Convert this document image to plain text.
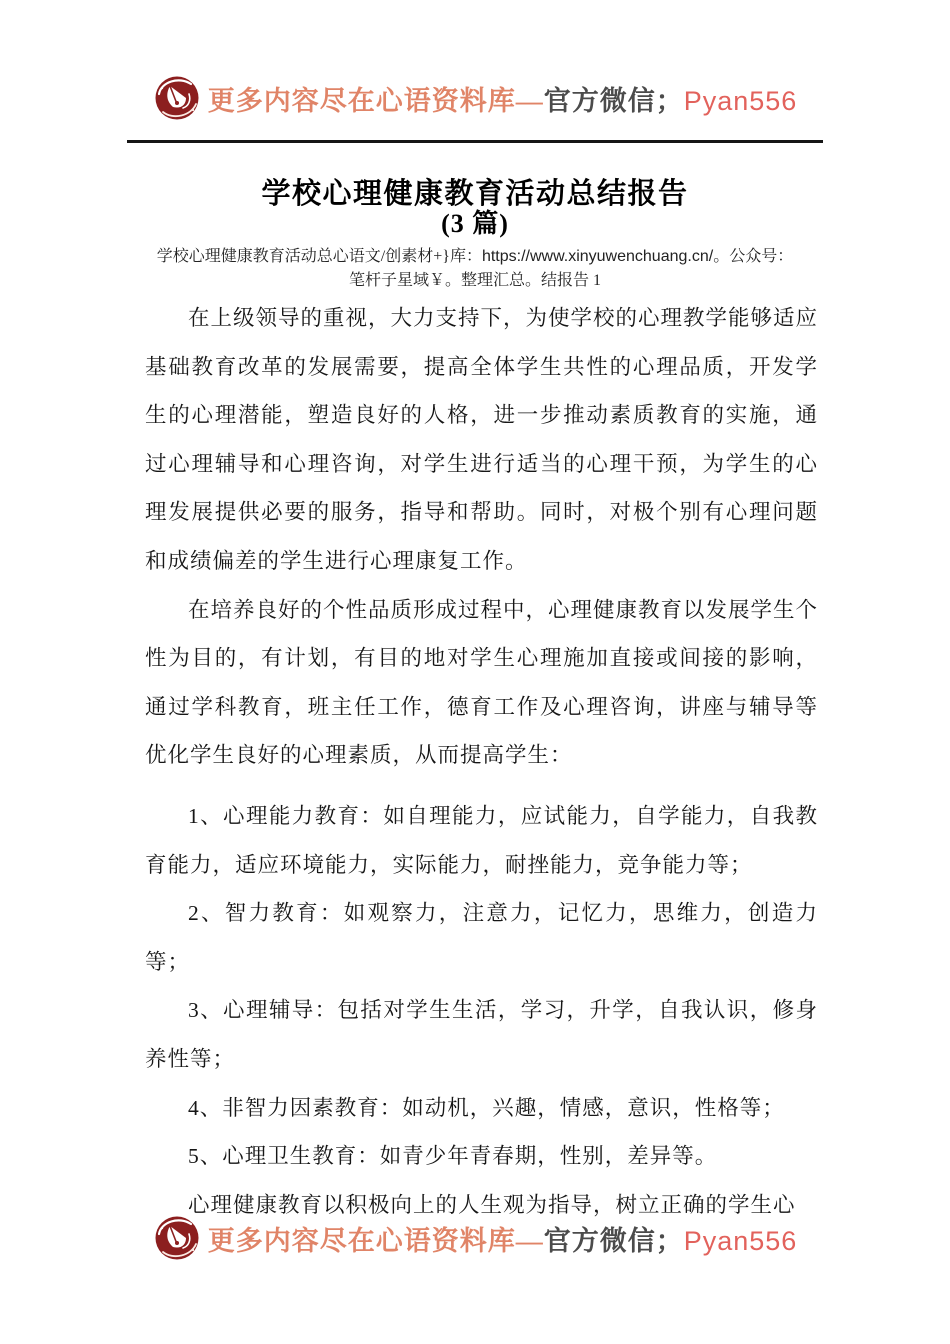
更多内容尽在心语资料库—官方微信；Pyan556
学校心理健康教育活动总结报告
(3 篇)
学校心理健康教育活动总心语文/创素材+}库：https://www.xinyuwenchuang.cn/。公众号：
笔杆子星域￥。整理汇总。结报告 1

在上级领导的重视，大力支持下，为使学校的心理教学能够适应基础教育改革的发展需要，提高全体学生共性的心理品质，开发学生的心理潜能，塑造良好的人格，进一步推动素质教育的实施，通过心理辅导和心理咨询，对学生进行适当的心理干预，为学生的心理发展提供必要的服务，指导和帮助。同时，对极个别有心理问题和成绩偏差的学生进行心理康复工作。

在培养良好的个性品质形成过程中，心理健康教育以发展学生个性为目的，有计划，有目的地对学生心理施加直接或间接的影响，通过学科教育，班主任工作，德育工作及心理咨询，讲座与辅导等优化学生良好的心理素质，从而提高学生：

1、心理能力教育：如自理能力，应试能力，自学能力，自我教育能力，适应环境能力，实际能力，耐挫能力，竞争能力等；

2、智力教育：如观察力，注意力，记忆力，思维力，创造力等；

3、心理辅导：包括对学生生活，学习，升学，自我认识，修身养性等；

4、非智力因素教育：如动机，兴趣，情感，意识，性格等；

5、心理卫生教育：如青少年青春期，性别，差异等。

心理健康教育以积极向上的人生观为指导，树立正确的学生心

更多内容尽在心语资料库—官方微信；Pyan556
